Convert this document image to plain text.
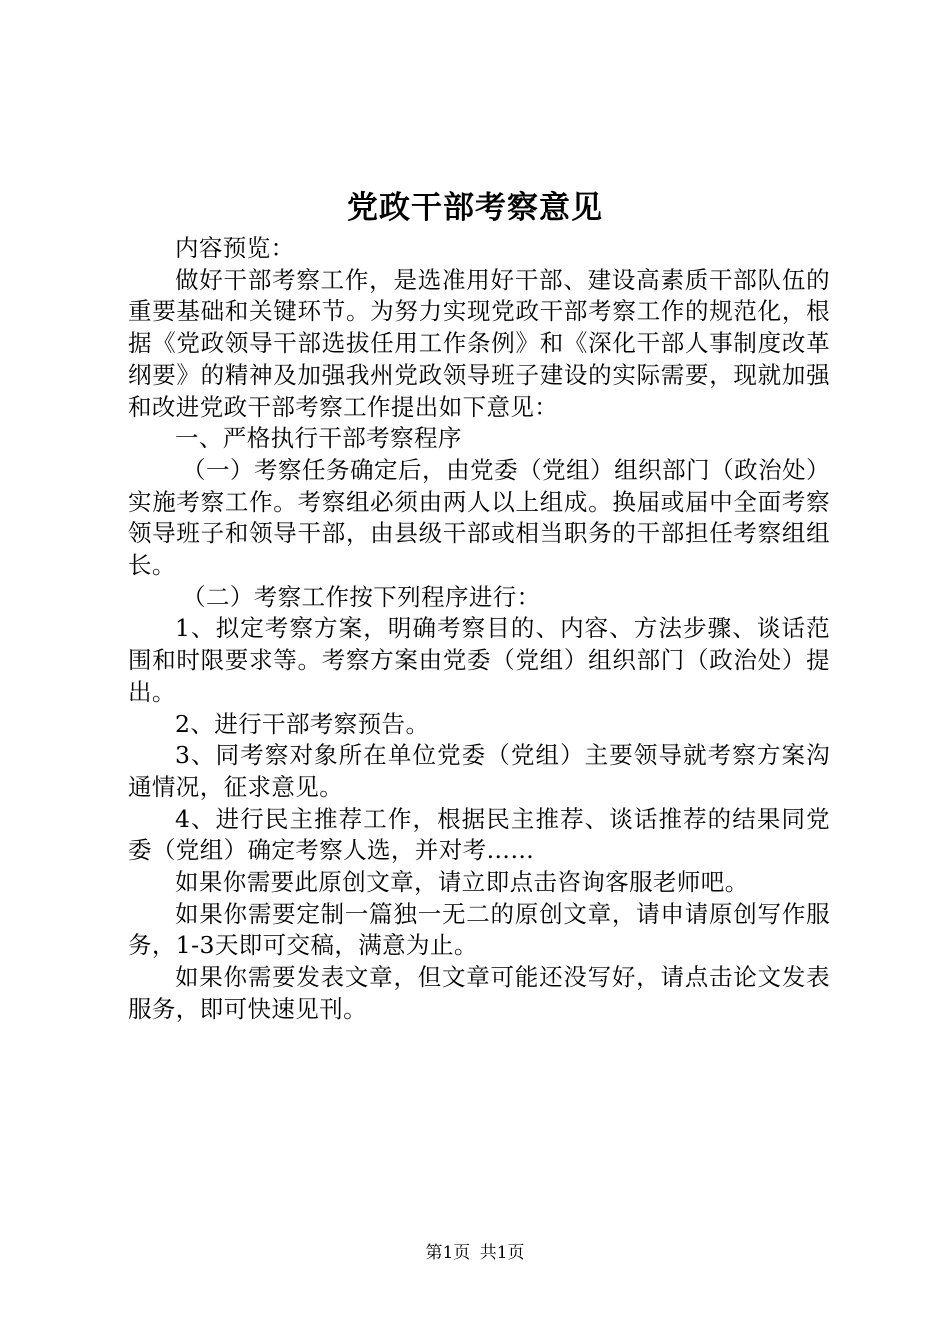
党政干部考察意见

内容预览：

做好干部考察工作，是选准用好干部、建设高素质干部队伍的重要基础和关键环节。为努力实现党政干部考察工作的规范化，根据《党政领导干部选拔任用工作条例》和《深化干部人事制度改革纲要》的精神及加强我州党政领导班子建设的实际需要，现就加强和改进党政干部考察工作提出如下意见：

一、严格执行干部考察程序

（一）考察任务确定后，由党委（党组）组织部门（政治处）实施考察工作。考察组必须由两人以上组成。换届或届中全面考察领导班子和领导干部，由县级干部或相当职务的干部担任考察组组长。

（二）考察工作按下列程序进行：

1、拟定考察方案，明确考察目的、内容、方法步骤、谈话范围和时限要求等。考察方案由党委（党组）组织部门（政治处）提出。

2、进行干部考察预告。

3、同考察对象所在单位党委（党组）主要领导就考察方案沟通情况，征求意见。

4、进行民主推荐工作，根据民主推荐、谈话推荐的结果同党委（党组）确定考察人选，并对考……

如果你需要此原创文章，请立即点击咨询客服老师吧。

如果你需要定制一篇独一无二的原创文章，请申请原创写作服务，1-3天即可交稿，满意为止。

如果你需要发表文章，但文章可能还没写好，请点击论文发表服务，即可快速见刊。

第1页 共1页
